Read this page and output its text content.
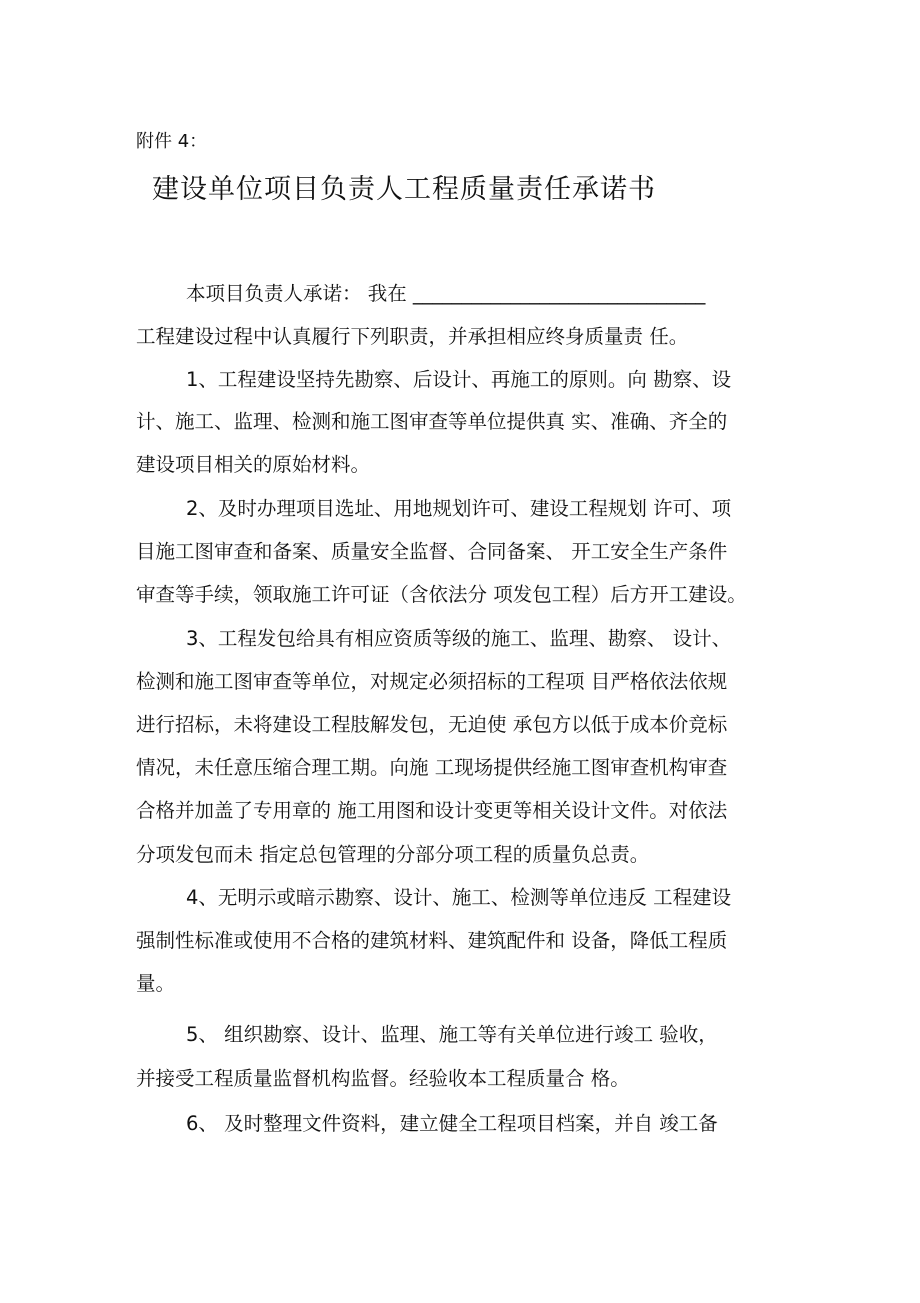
附件 4：
建设单位项目负责人工程质量责任承诺书
本项目负责人承诺： 我在 ______________________________
工程建设过程中认真履行下列职责，并承担相应终身质量责 任。
1、工程建设坚持先勘察、后设计、再施工的原则。向 勘察、设
计、施工、监理、检测和施工图审查等单位提供真 实、准确、齐全的
建设项目相关的原始材料。
2、及时办理项目选址、用地规划许可、建设工程规划 许可、项
目施工图审查和备案、质量安全监督、合同备案、 开工安全生产条件
审查等手续，领取施工许可证（含依法分 项发包工程）后方开工建设。
3、工程发包给具有相应资质等级的施工、监理、勘察、 设计、
检测和施工图审查等单位，对规定必须招标的工程项 目严格依法依规
进行招标，未将建设工程肢解发包，无迫使 承包方以低于成本价竞标
情况，未任意压缩合理工期。向施 工现场提供经施工图审查机构审查
合格并加盖了专用章的 施工用图和设计变更等相关设计文件。对依法
分项发包而未 指定总包管理的分部分项工程的质量负总责。
4、无明示或暗示勘察、设计、施工、检测等单位违反 工程建设
强制性标准或使用不合格的建筑材料、建筑配件和 设备，降低工程质
量。
5、 组织勘察、设计、监理、施工等有关单位进行竣工 验收，
并接受工程质量监督机构监督。经验收本工程质量合 格。
6、 及时整理文件资料，建立健全工程项目档案，并自 竣工备
